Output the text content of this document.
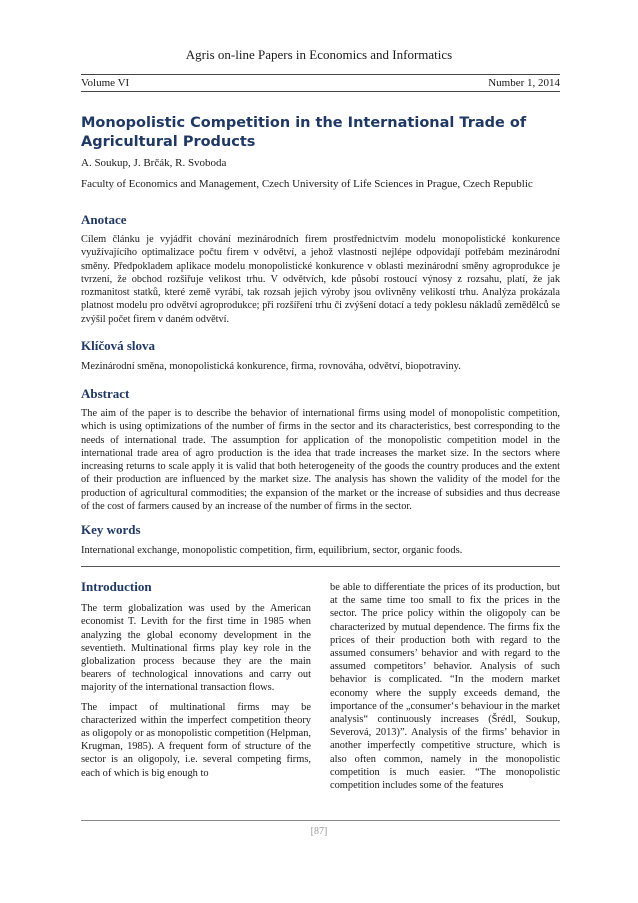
Agris on-line Papers in Economics and Informatics
Volume VI	Number 1, 2014
Monopolistic Competition in the International Trade of Agricultural Products
A. Soukup, J. Brčák, R. Svoboda
Faculty of Economics and Management, Czech University of Life Sciences in Prague, Czech Republic
Anotace
Cílem článku je vyjádřit chování mezinárodních firem prostřednictvím modelu monopolistické konkurence využívajícího optimalizace počtu firem v odvětví, a jehož vlastnosti nejlépe odpovídají potřebám mezinárodní směny. Předpokladem aplikace modelu monopolistické konkurence v oblasti mezinárodní směny agroprodukce je tvrzení, že obchod rozšiřuje velikost trhu. V odvětvích, kde působí rostoucí výnosy z rozsahu, platí, že jak rozmanitost statků, které země vyrábí, tak rozsah jejich výroby jsou ovlivněny velikostí trhu. Analýza prokázala platnost modelu pro odvětví agroprodukce; při rozšíření trhu či zvýšení dotací a tedy poklesu nákladů zemědělců se zvýšil počet firem v daném odvětví.
Klíčová slova
Mezinárodní směna, monopolistická konkurence, firma, rovnováha, odvětví, biopotraviny.
Abstract
The aim of the paper is to describe the behavior of international firms using model of monopolistic competition, which is using optimizations of the number of firms in the sector and its characteristics, best corresponding to the needs of international trade. The assumption for application of the monopolistic competition model in the international trade area of agro production is the idea that trade increases the market size. In the sectors where increasing returns to scale apply it is valid that both heterogeneity of the goods the country produces and the extent of their production are influenced by the market size. The analysis has shown the validity of the model for the production of agricultural commodities; the expansion of the market or the increase of subsidies and thus decrease of the cost of farmers caused by an increase of the number of firms in the sector.
Key words
International exchange, monopolistic competition, firm, equilibrium, sector, organic foods.
Introduction

The term globalization was used by the American economist T. Levith for the first time in 1985 when analyzing the global economy development in the seventieth. Multinational firms play key role in the globalization process because they are the main bearers of technological innovations and carry out majority of the international transaction flows.

The impact of multinational firms may be characterized within the imperfect competition theory as oligopoly or as monopolistic competition (Helpman, Krugman, 1985). A frequent form of structure of the sector is an oligopoly, i.e. several competing firms, each of which is big enough to

be able to differentiate the prices of its production, but at the same time too small to fix the prices in the sector. The price policy within the oligopoly can be characterized by mutual dependence. The firms fix the prices of their production both with regard to the assumed consumers’ behavior and with regard to the assumed competitors’ behavior. Analysis of such behavior is complicated. “In the modern market economy where the supply exceeds demand, the importance of the „consumer‘s behaviour in the market analysis“ continuously increases (Šrédl, Soukup, Severová, 2013)”. Analysis of the firms’ behavior in another imperfectly competitive structure, which is also often common, namely in the monopolistic competition is much easier. “The monopolistic competition includes some of the features

[87]
